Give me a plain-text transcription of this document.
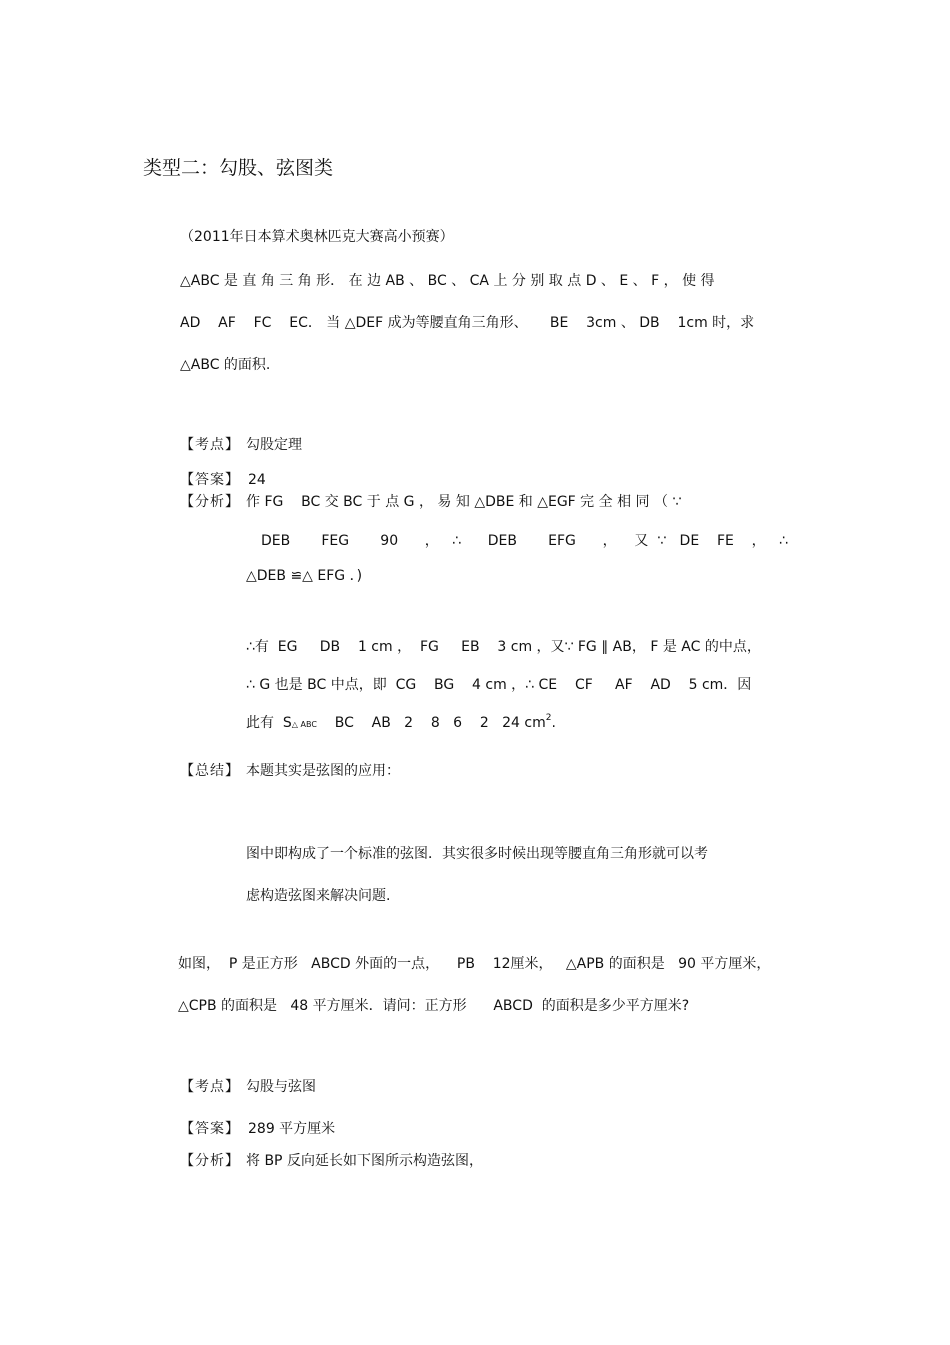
类型二：勾股、弦图类
（2011年日本算术奥林匹克大赛高小预赛）
△ABC 是 直 角 三 角 形． 在 边 AB 、 BC 、 CA 上 分 别 取 点 D 、 E 、 F ， 使 得
AD    AF    FC    EC． 当 △DEF 成为等腰直角三角形、     BE    3cm 、 DB    1cm 时，求
△ABC 的面积.
【考点】 勾股定理
【答案】 24
【分析】 作 FG    BC 交 BC 于 点 G ， 易 知 △DBE 和 △EGF 完 全 相 同 （ ∵
DEB       FEG       90      ，   ∴      DEB       EFG      ，    又  ∵   DE    FE    ，   ∴
△DEB ≌△ EFG ．)
∴有  EG     DB    1 cm ，  FG     EB    3 cm ，又∵ FG ∥ AB， F 是 AC 的中点，
∴ G 也是 BC 中点，即  CG    BG    4 cm ，∴ CE    CF     AF    AD    5 cm．因
此有  S△ ABC    BC    AB   2    8   6    2   24 $cm^2$.
【总结】 本题其实是弦图的应用：
图中即构成了一个标准的弦图．其实很多时候出现等腰直角三角形就可以考
虑构造弦图来解决问题.
如图，  P 是正方形   ABCD 外面的一点，    PB    12厘米，   △APB 的面积是   90 平方厘米，
△CPB 的面积是   48 平方厘米．请问：正方形      ABCD  的面积是多少平方厘米?
【考点】 勾股与弦图
【答案】 289 平方厘米
【分析】 将 BP 反向延长如下图所示构造弦图，
